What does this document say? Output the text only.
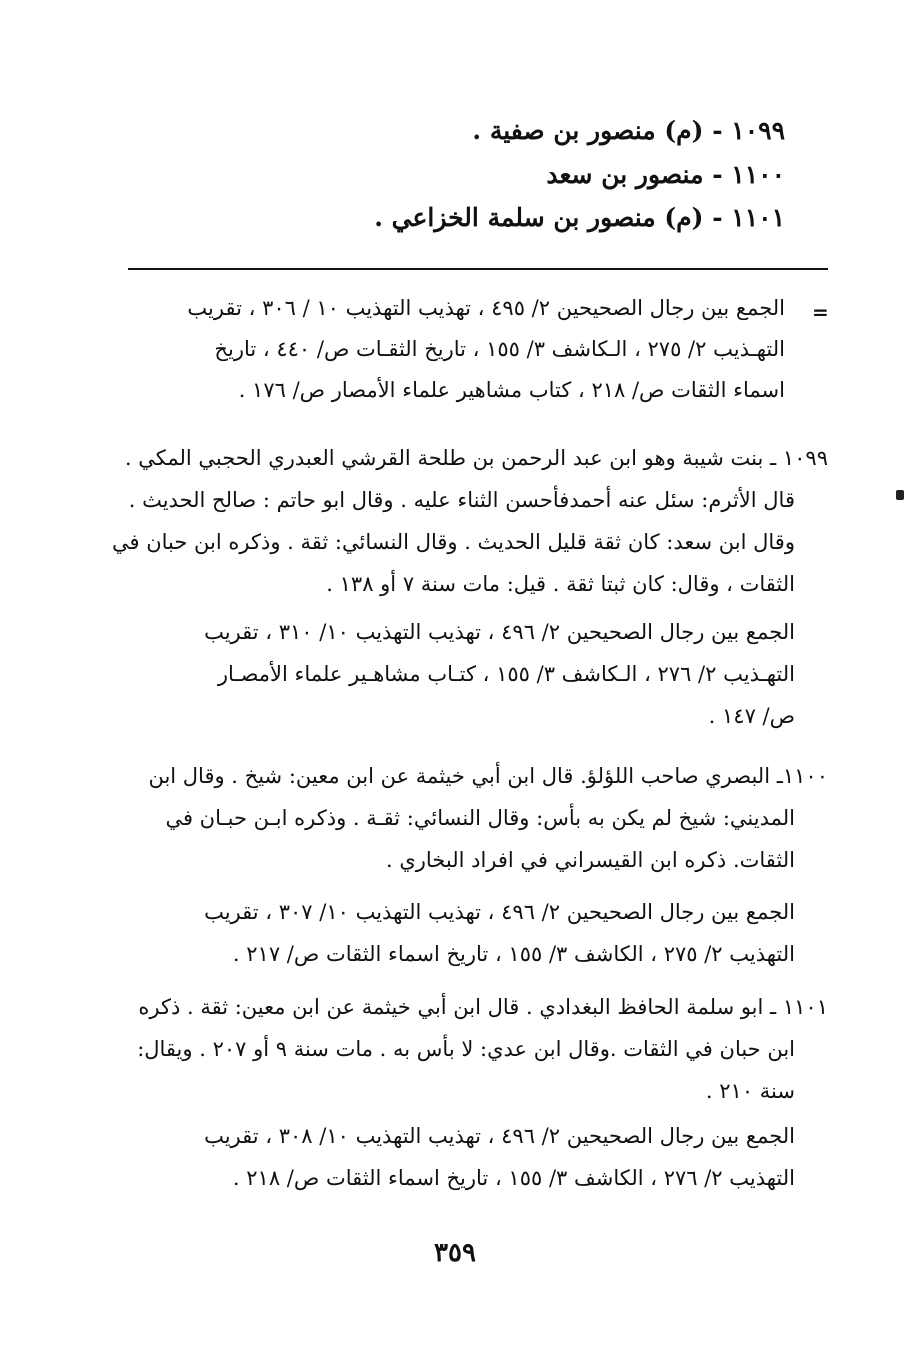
١٠٩٩ - (م) منصور بن صفية .
١١٠٠ - منصور بن سعد
١١٠١ - (م) منصور بن سلمة الخزاعي .
=
الجمع بين رجال الصحيحين ٢/ ٤٩٥ ، تهذيب التهذيب ١٠ / ٣٠٦ ، تقريب
التهـذيب ٢/ ٢٧٥ ، الـكاشف ٣/ ١٥٥ ، تاريخ الثقـات ص/ ٤٤٠ ، تاريخ
اسماء الثقات ص/ ٢١٨ ، كتاب مشاهير علماء الأمصار ص/ ١٧٦ .
١٠٩٩ ـ بنت شيبة وهو ابن عبد الرحمن بن طلحة القرشي العبدري الحجبي المكي .
قال الأثرم: سئل عنه أحمدفأحسن الثناء عليه . وقال ابو حاتم : صالح الحديث .
وقال ابن سعد: كان ثقة قليل الحديث . وقال النسائي: ثقة . وذكره ابن حبان في
الثقات ، وقال: كان ثبتا ثقة . قيل: مات سنة ٧ أو ١٣٨ .
الجمع بين رجال الصحيحين ٢/ ٤٩٦ ، تهذيب التهذيب ١٠/ ٣١٠ ، تقريب
التهـذيب ٢/ ٢٧٦ ، الـكاشف ٣/ ١٥٥ ، كتـاب مشاهـير علماء الأمصـار
ص/ ١٤٧ .
١١٠٠ـ البصري صاحب اللؤلؤ. قال ابن أبي خيثمة عن ابن معين: شيخ . وقال ابن
المديني: شيخ لم يكن به بأس: وقال النسائي: ثقـة . وذكره ابـن حبـان في
الثقات. ذكره ابن القيسراني في افراد البخاري .
الجمع بين رجال الصحيحين ٢/ ٤٩٦ ، تهذيب التهذيب ١٠/ ٣٠٧ ، تقريب
التهذيب ٢/ ٢٧٥ ، الكاشف ٣/ ١٥٥ ، تاريخ اسماء الثقات ص/ ٢١٧ .
١١٠١ ـ ابو سلمة الحافظ البغدادي . قال ابن أبي خيثمة عن ابن معين: ثقة . ذكره
ابن حبان في الثقات .وقال ابن عدي: لا بأس به . مات سنة ٩ أو ٢٠٧ . ويقال:
سنة ٢١٠ .
الجمع بين رجال الصحيحين ٢/ ٤٩٦ ، تهذيب التهذيب ١٠/ ٣٠٨ ، تقريب
التهذيب ٢/ ٢٧٦ ، الكاشف ٣/ ١٥٥ ، تاريخ اسماء الثقات ص/ ٢١٨ .
٣٥٩
